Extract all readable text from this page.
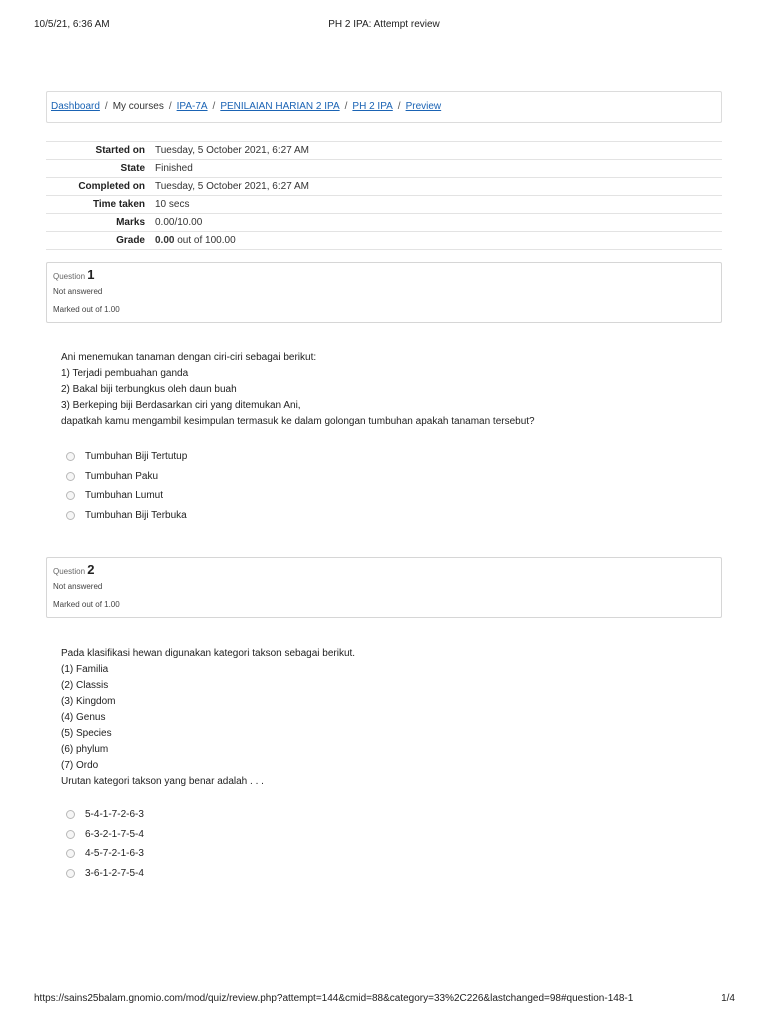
10/5/21, 6:36 AM	PH 2 IPA: Attempt review
Dashboard / My courses / IPA-7A / PENILAIAN HARIAN 2 IPA / PH 2 IPA / Preview
Started on	Tuesday, 5 October 2021, 6:27 AM
State	Finished
Completed on	Tuesday, 5 October 2021, 6:27 AM
Time taken	10 secs
Marks	0.00/10.00
Grade	0.00 out of 100.00
Question 1
Not answered
Marked out of 1.00

Ani menemukan tanaman dengan ciri-ciri sebagai berikut:

1) Terjadi pembuahan ganda

2) Bakal biji terbungkus oleh daun buah

3) Berkeping biji Berdasarkan ciri yang ditemukan Ani,

dapatkah kamu mengambil kesimpulan termasuk ke dalam golongan tumbuhan apakah tanaman tersebut?

Tumbuhan Biji Tertutup
Tumbuhan Paku
Tumbuhan Lumut
Tumbuhan Biji Terbuka
Question 2
Not answered
Marked out of 1.00

Pada klasifikasi hewan digunakan kategori takson sebagai berikut.

(1) Familia

(2) Classis

(3) Kingdom

(4) Genus

(5) Species

(6) phylum

(7) Ordo

Urutan kategori takson yang benar adalah . . .

5-4-1-7-2-6-3
6-3-2-1-7-5-4
4-5-7-2-1-6-3
3-6-1-2-7-5-4
https://sains25balam.gnomio.com/mod/quiz/review.php?attempt=144&cmid=88&category=33%2C226&lastchanged=98#question-148-1	1/4
